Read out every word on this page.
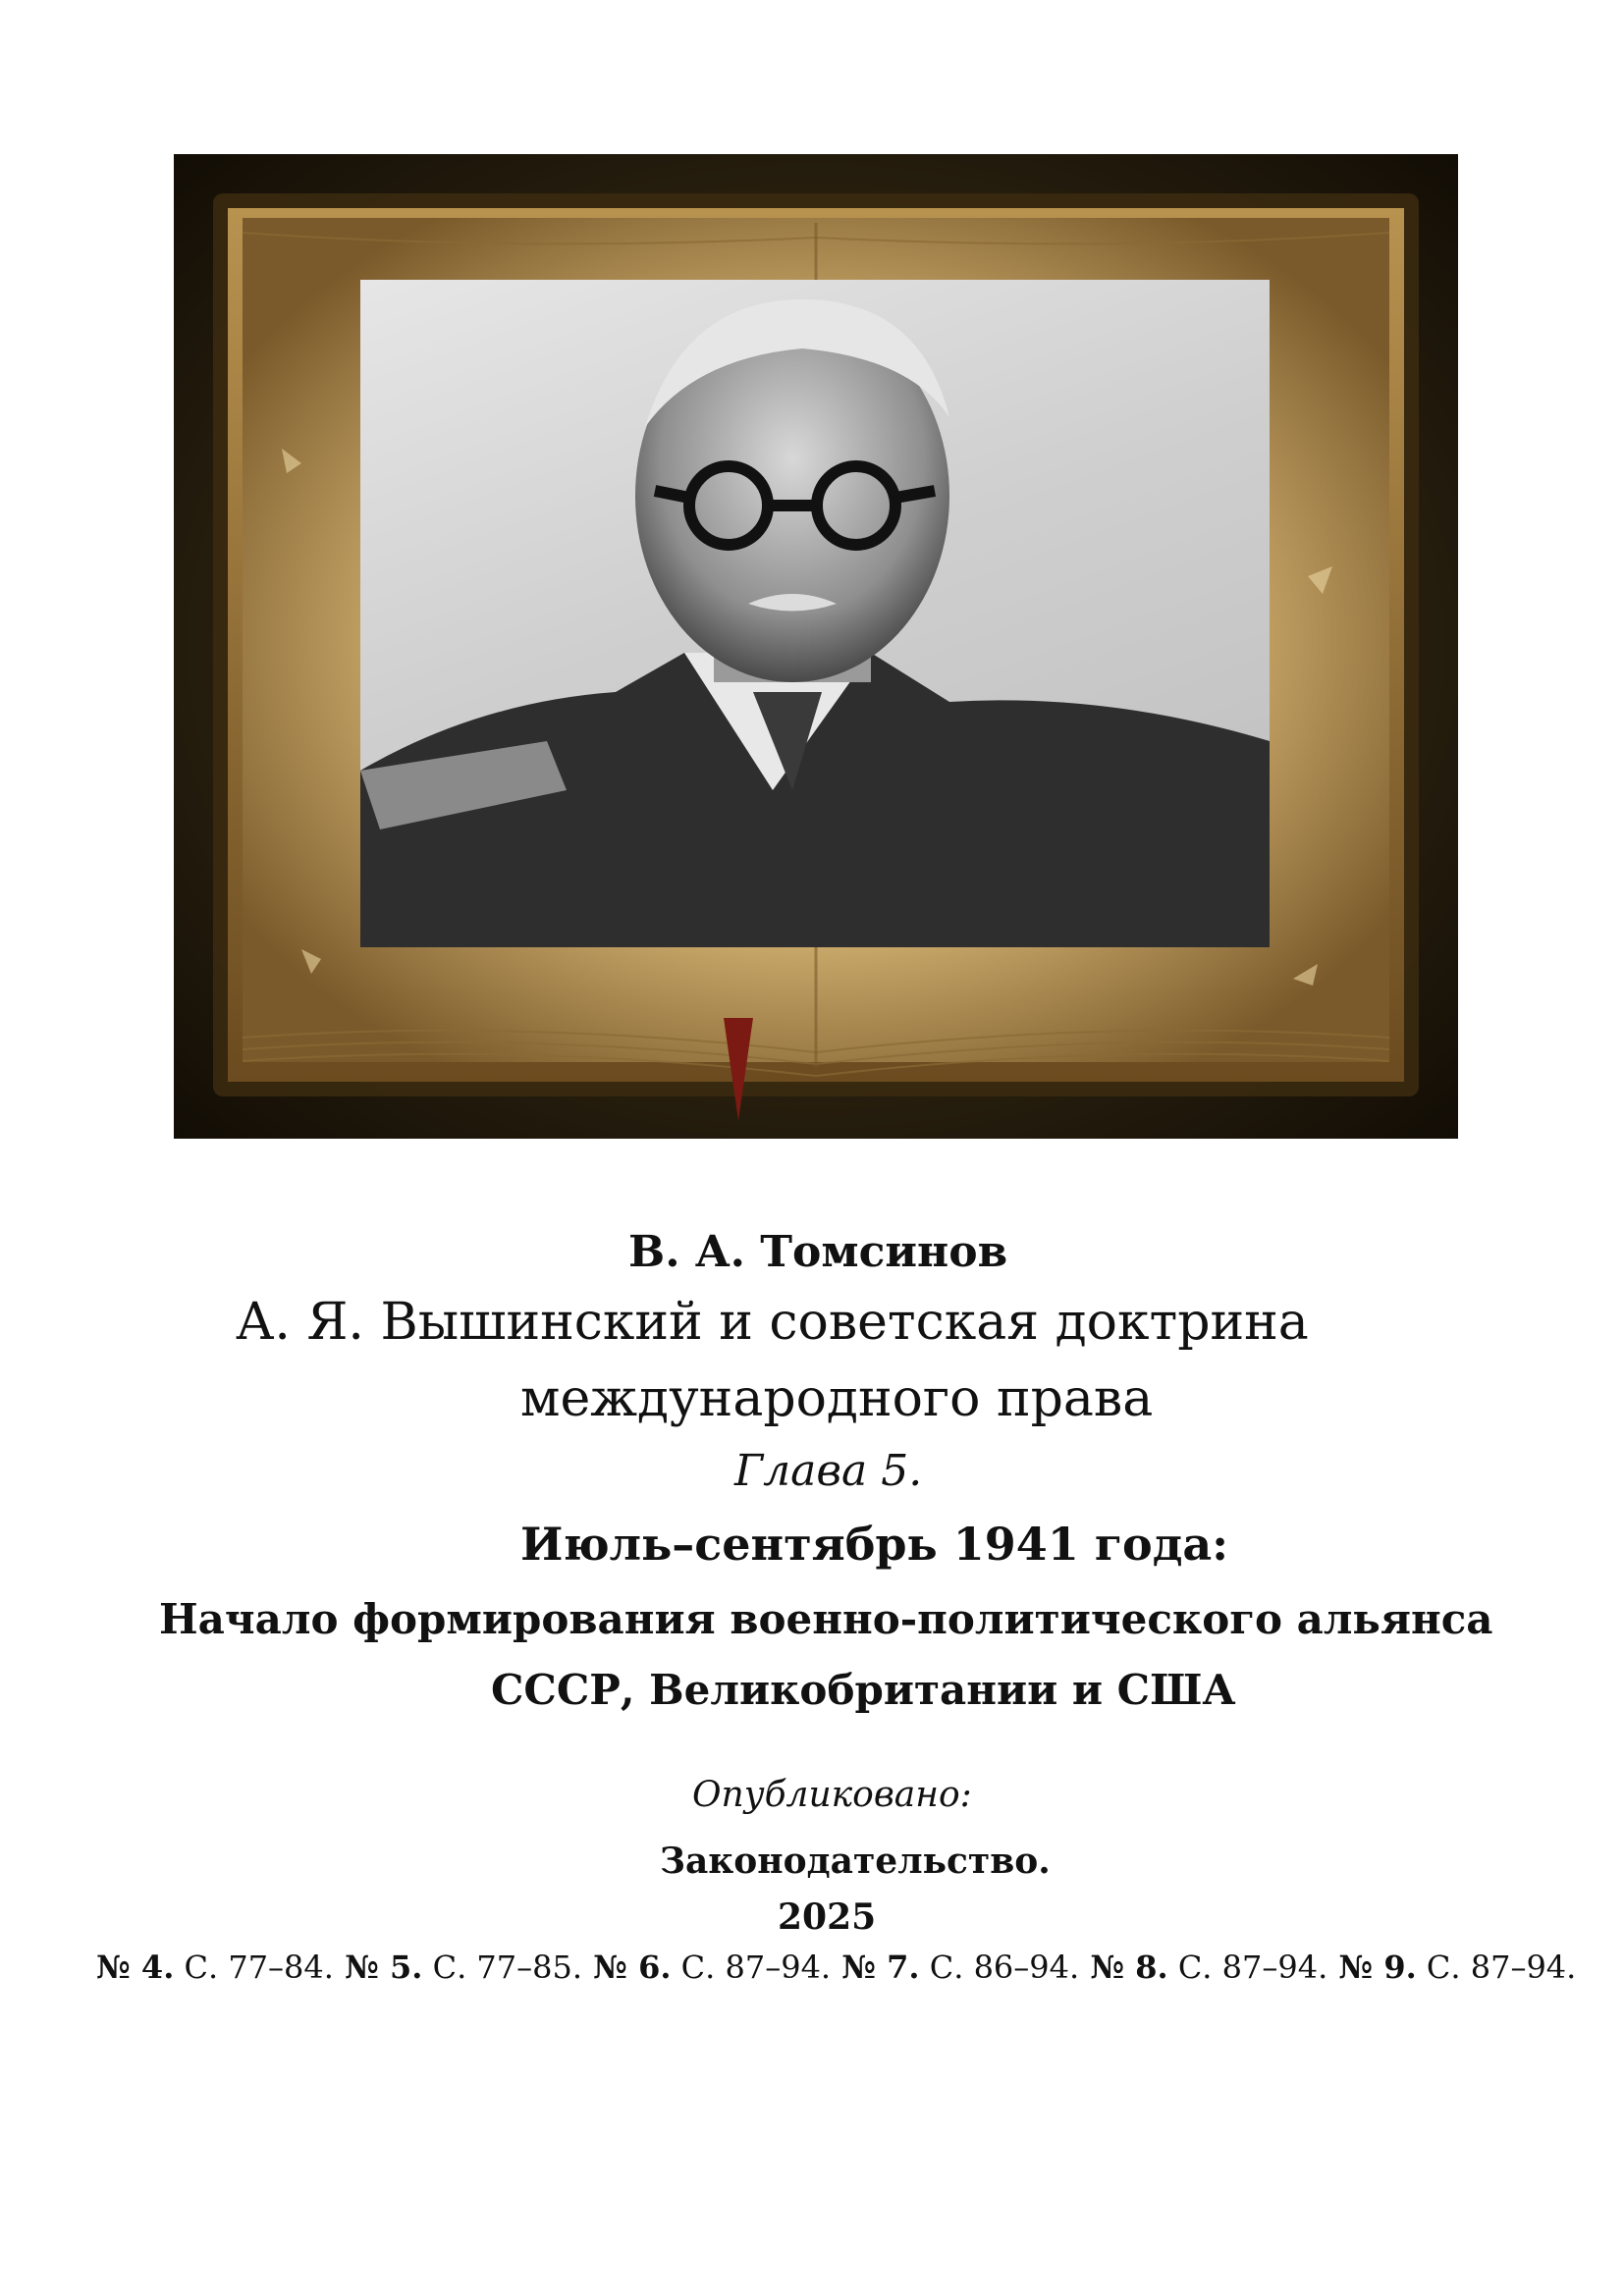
В. А. Томсинов
А. Я. Вышинский и советская доктрина
международного права
Глава 5.
Июль–сентябрь 1941 года:
Начало формирования военно-политического альянса
СССР, Великобритании и США
Опубликовано:
Законодательство.
2025
№ 4. С. 77–84. № 5. С. 77–85. № 6. С. 87–94. № 7. С. 86–94. № 8. С. 87–94. № 9. С. 87–94.
